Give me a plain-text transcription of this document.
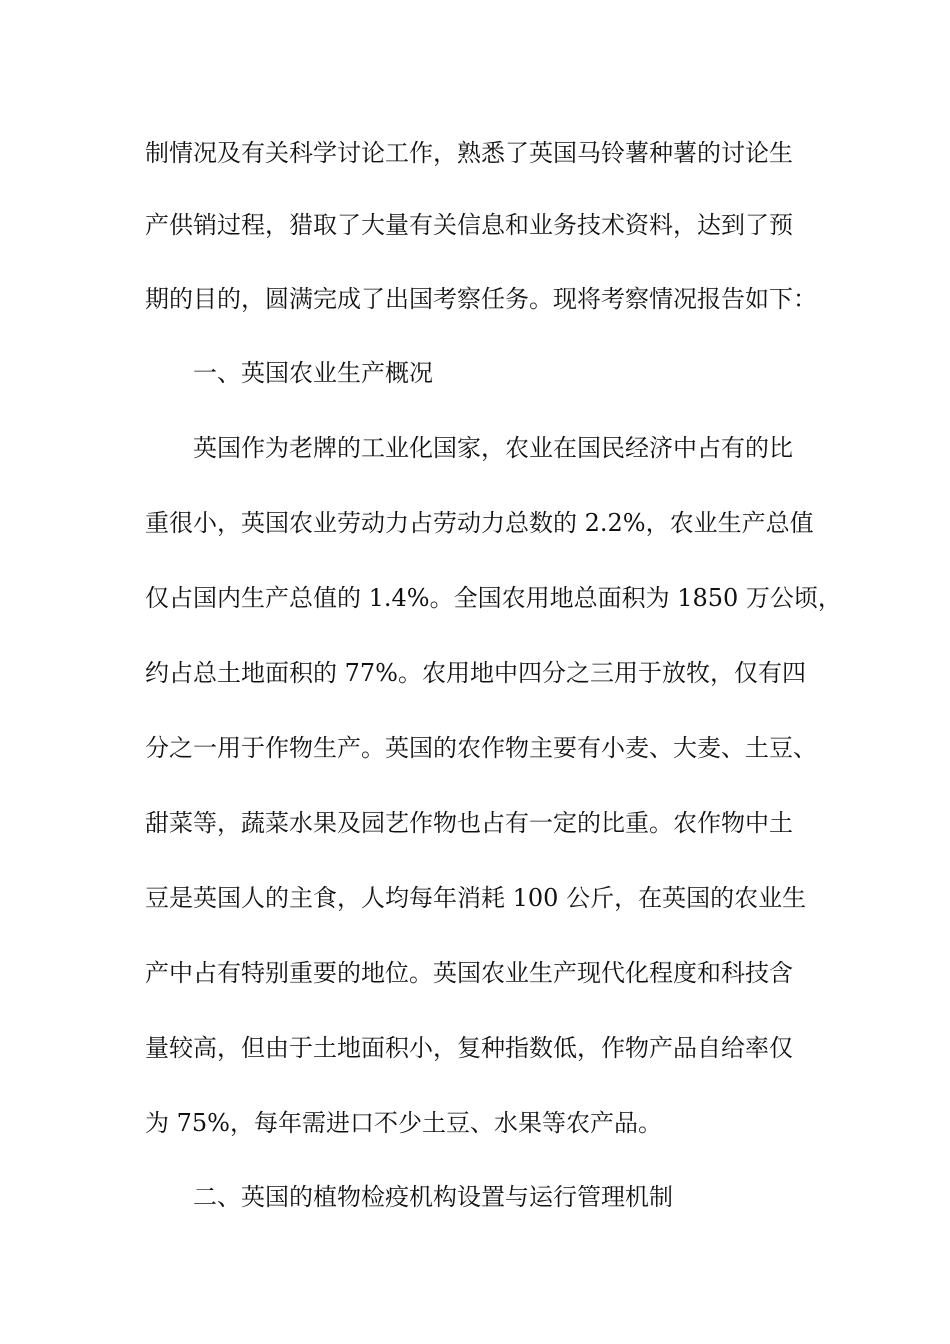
制情况及有关科学讨论工作，熟悉了英国马铃薯种薯的讨论生
产供销过程，猎取了大量有关信息和业务技术资料，达到了预
期的目的，圆满完成了出国考察任务。现将考察情况报告如下：
一、英国农业生产概况
英国作为老牌的工业化国家，农业在国民经济中占有的比
重很小，英国农业劳动力占劳动力总数的 2.2%，农业生产总值
仅占国内生产总值的 1.4%。全国农用地总面积为 1850 万公顷，
约占总土地面积的 77%。农用地中四分之三用于放牧，仅有四
分之一用于作物生产。英国的农作物主要有小麦、大麦、土豆、
甜菜等，蔬菜水果及园艺作物也占有一定的比重。农作物中土
豆是英国人的主食，人均每年消耗 100 公斤，在英国的农业生
产中占有特别重要的地位。英国农业生产现代化程度和科技含
量较高，但由于土地面积小，复种指数低，作物产品自给率仅
为 75%，每年需进口不少土豆、水果等农产品。
二、英国的植物检疫机构设置与运行管理机制
